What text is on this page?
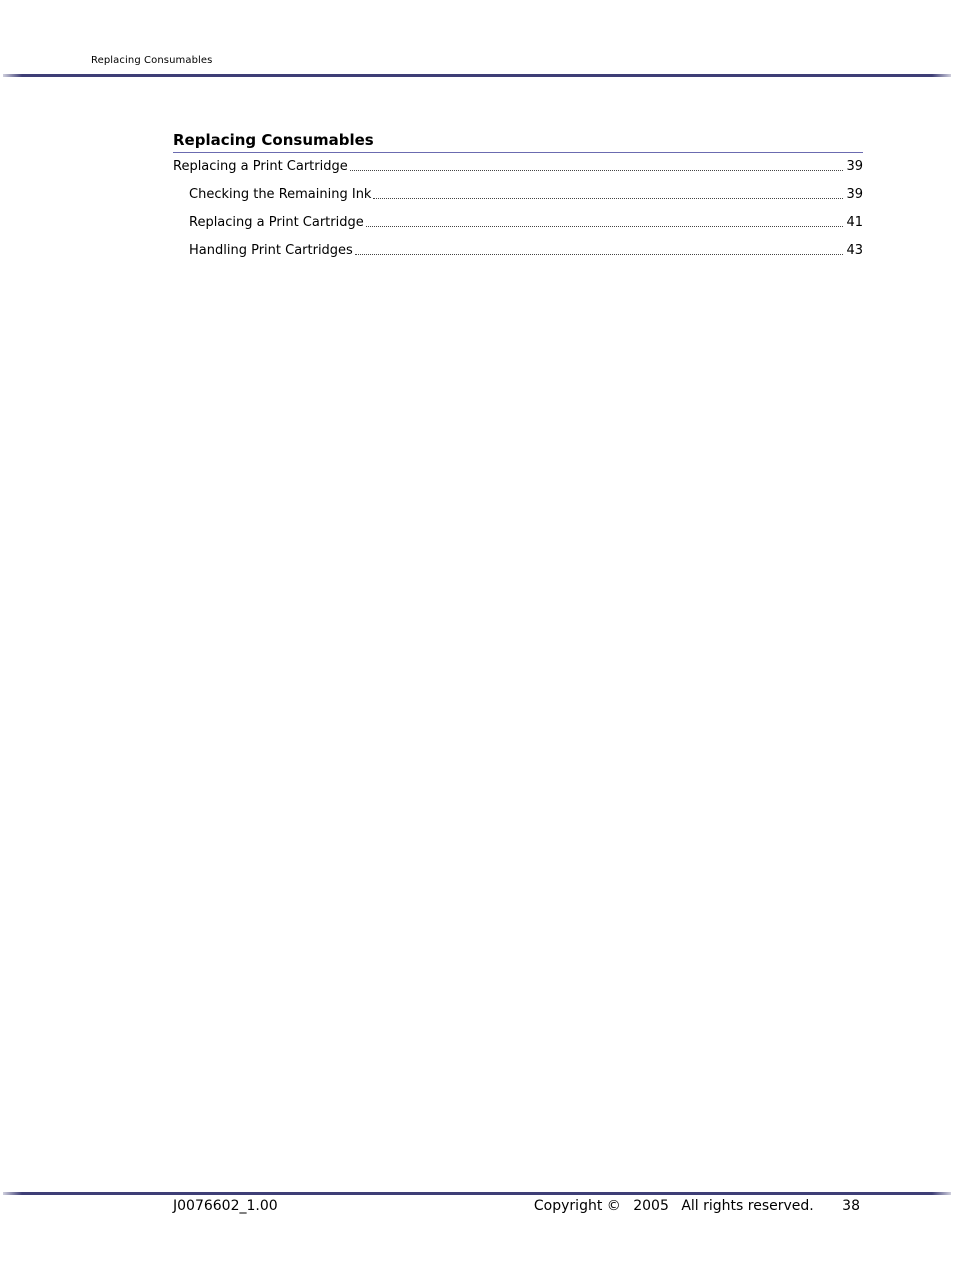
Replacing Consumables
Replacing Consumables
Replacing a Print Cartridge	39
Checking the Remaining Ink	39
Replacing a Print Cartridge	41
Handling Print Cartridges	43
J0076602_1.00	Copyright © 2005 All rights reserved. 38
